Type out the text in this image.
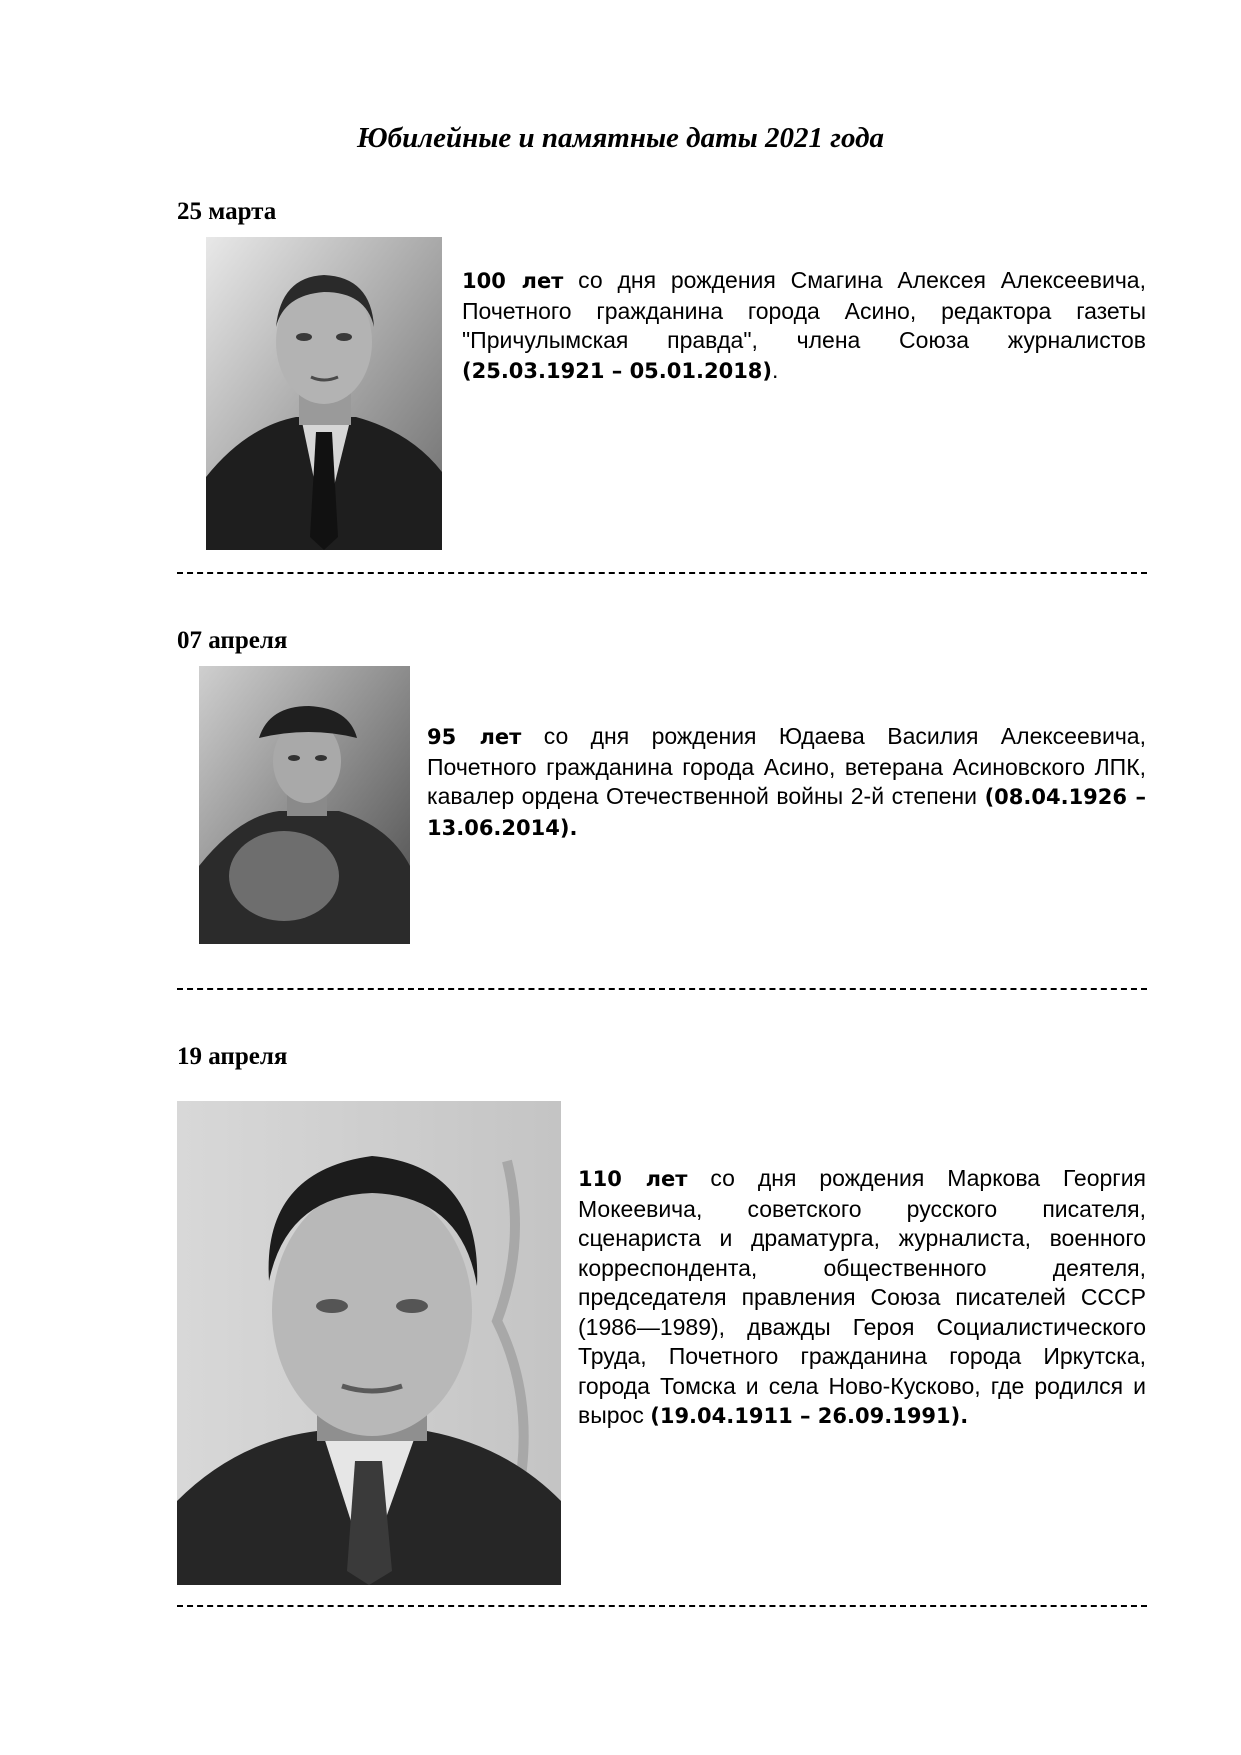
Юбилейные и памятные даты 2021 года
25 марта

100 лет со дня рождения Смагина Алексея Алексеевича, Почетного гражданина города Асино, редактора газеты "Причулымская правда", члена Союза журналистов (25.03.1921 – 05.01.2018).

07 апреля

95 лет со дня рождения Юдаева Василия Алексеевича, Почетного гражданина города Асино, ветерана Асиновского ЛПК, кавалер ордена Отечественной войны 2-й степени (08.04.1926 – 13.06.2014).

19 апреля

110 лет со дня рождения Маркова Георгия Мокеевича, советского русского писателя, сценариста и драматурга, журналиста, военного корреспондента, общественного деятеля, председателя правления Союза писателей СССР (1986—1989), дважды Героя Социалистического Труда, Почетного гражданина города Иркутска, города Томска и села Ново-Кусково, где родился и вырос (19.04.1911 – 26.09.1991).
